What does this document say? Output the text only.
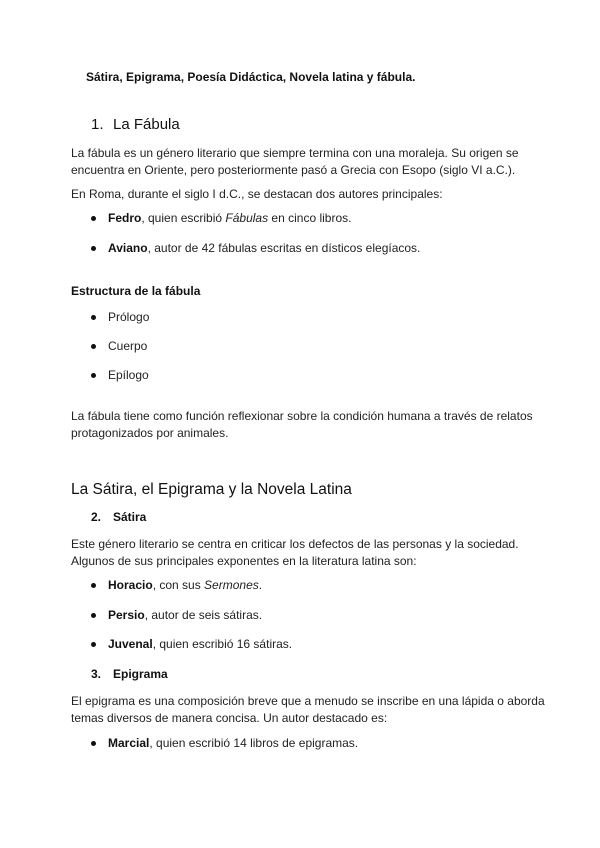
Sátira, Epigrama, Poesía Didáctica, Novela latina y fábula.
1. La Fábula
La fábula es un género literario que siempre termina con una moraleja. Su origen se
encuentra en Oriente, pero posteriormente pasó a Grecia con Esopo (siglo VI a.C.).
En Roma, durante el siglo I d.C., se destacan dos autores principales:
Fedro, quien escribió Fábulas en cinco libros.
Aviano, autor de 42 fábulas escritas en dísticos elegíacos.
Estructura de la fábula
Prólogo
Cuerpo
Epílogo
La fábula tiene como función reflexionar sobre la condición humana a través de relatos
protagonizados por animales.
La Sátira, el Epigrama y la Novela Latina
2. Sátira
Este género literario se centra en criticar los defectos de las personas y la sociedad.
Algunos de sus principales exponentes en la literatura latina son:
Horacio, con sus Sermones.
Persio, autor de seis sátiras.
Juvenal, quien escribió 16 sátiras.
3. Epigrama
El epigrama es una composición breve que a menudo se inscribe en una lápida o aborda
temas diversos de manera concisa. Un autor destacado es:
Marcial, quien escribió 14 libros de epigramas.
